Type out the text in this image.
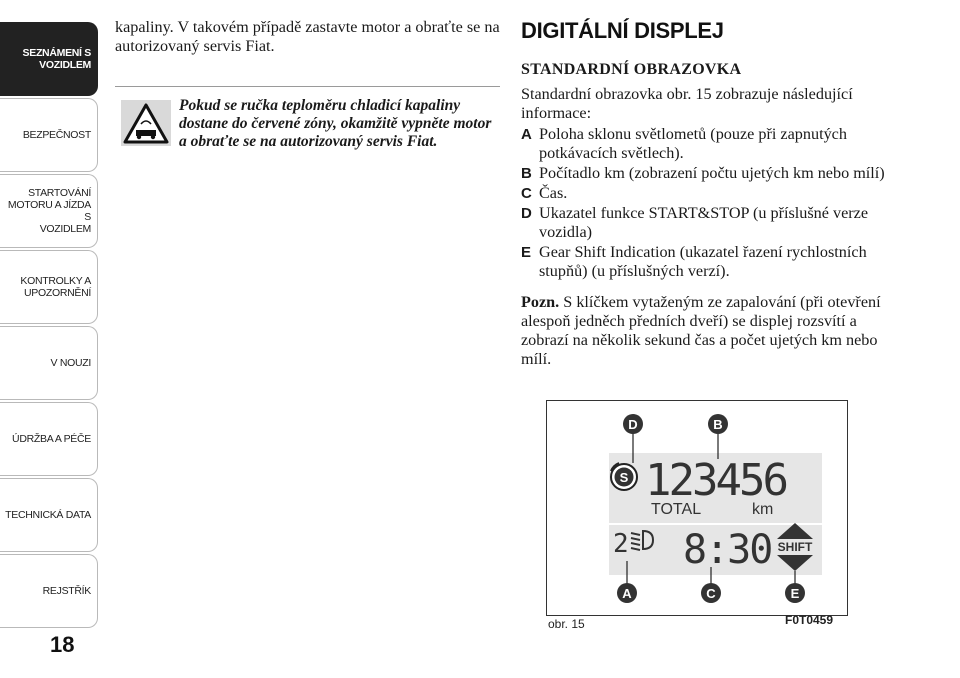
SEZNÁMENÍ S
VOZIDLEM
BEZPEČNOST
STARTOVÁNÍ
MOTORU A JÍZDA S
VOZIDLEM
KONTROLKY A
UPOZORNĚNÍ
V NOUZI
ÚDRŽBA A PÉČE
TECHNICKÁ DATA
REJSTŘÍK
18

kapaliny. V takovém případě zastavte motor a obraťte se na autorizovaný servis Fiat.

Pokud se ručka teploměru chladicí kapaliny dostane do červené zóny, okamžitě vypněte motor a obraťte se na autorizovaný servis Fiat.
DIGITÁLNÍ DISPLEJ
STANDARDNÍ OBRAZOVKA

Standardní obrazovka obr. 15 zobrazuje následující informace:

A Poloha sklonu světlometů (pouze při zapnutých potkávacích světlech).
B Počítadlo km (zobrazení počtu ujetých km nebo mílí)
C Čas.
D Ukazatel funkce START&STOP (u příslušné verze vozidla)
E Gear Shift Indication (ukazatel řazení rychlostních stupňů) (u příslušných verzí).

Pozn. S klíčkem vytaženým ze zapalování (při otevření alespoň jedněch předních dveří) se displej rozsvítí a zobrazí na několik sekund čas a počet ujetých km nebo mílí.

S 123456
TOTAL	km
2 8:30 SHIFT
D	B
A	C	E
obr. 15	F0T0459
